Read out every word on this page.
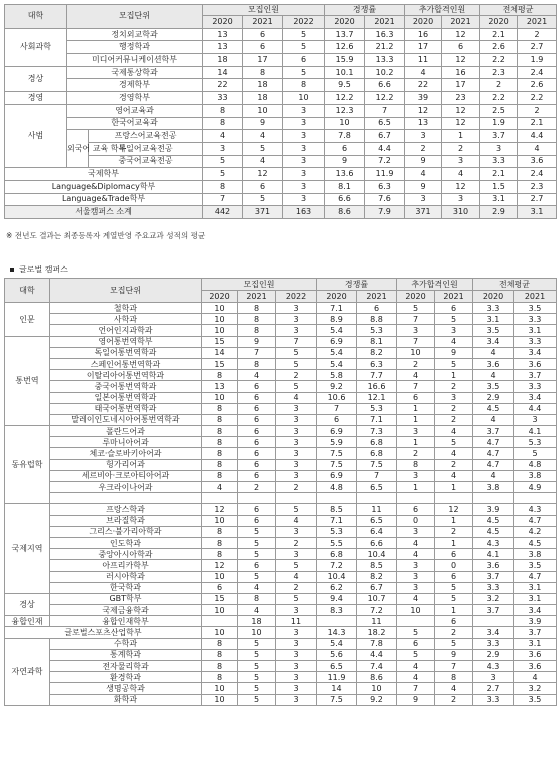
대학	모집단위		모집인원			경쟁률		추가합격인원		전체평균	
			2020	2021	2022	2020	2021	2020	2021	2020	2021
사회과학	정치외교학과		13	6	5	13.7	16.3	16	12	2.1	2
	행정학과		13	6	5	12.6	21.2	17	6	2.6	2.7
	미디어커뮤니케이션학부		18	17	6	15.9	13.3	11	12	2.2	1.9
경상	국제통상학과		14	8	5	10.1	10.2	4	16	2.3	2.4
	경제학부		22	18	8	9.5	6.6	22	17	2	2.6
경영	경영학부		33	18	10	12.2	12.2	39	23	2.2	2.2
사범	영어교육과		8	10	3	12.3	7	12	12	2.5	2
	한국어교육과		8	9	3	10	6.5	13	12	1.9	2.1
	외국어 교육 학부	프랑스어교육전공	4	4	3	7.8	6.7	3	1	3.7	4.4
		독일어교육전공	3	5	3	6	4.4	2	2	3	4
		중국어교육전공	5	4	3	9	7.2	9	3	3.3	3.6
국제학부			5	12	3	13.6	11.9	4	4	2.1	2.4
Language&Diplomacy학부			8	6	3	8.1	6.3	9	12	1.5	2.3
Language&Trade학부			7	5	3	6.6	7.6	3	3	3.1	2.7
서울캠퍼스 소계			442	371	163	8.6	7.9	371	310	2.9	3.1
※ 전년도 결과는 최종등록자 계열반영 주요교과 성적의 평균
글로벌 캠퍼스
대학	모집단위	모집인원			경쟁률		추가합격인원		전체평균	
		2020	2021	2022	2020	2021	2020	2021	2020	2021
인문	철학과	10	8	3	7.1	6	5	6	3.3	3.5
	사학과	10	8	3	8.9	8.8	7	5	3.1	3.3
	언어인지과학과	10	8	3	5.4	5.3	3	3	3.5	3.1
통번역	영어통번역학부	15	9	7	6.9	8.1	7	4	3.4	3.3
	독일어통번역학과	14	7	5	5.4	8.2	10	9	4	3.4
	스페인어통번역학과	15	8	5	5.4	6.3	2	5	3.6	3.6
	이탈리아어통번역학과	8	4	2	5.8	7.7	4	1	4	3.7
	중국어통번역학과	13	6	5	9.2	16.6	7	2	3.5	3.3
	일본어통번역학과	10	6	4	10.6	12.1	6	3	2.9	3.4
	태국어통번역학과	8	6	3	7	5.3	1	2	4.5	4.4
	말레이인도네시아어통번역학과	8	6	3	6	7.1	1	2	4	3
동유럽학	폴란드어과	8	6	3	6.9	7.3	3	4	3.7	4.1
	루마니아어과	8	6	3	5.9	6.8	1	5	4.7	5.3
	체코·슬로바키아어과	8	6	3	7.5	6.8	2	4	4.7	5
	헝가리어과	8	6	3	7.5	7.5	8	2	4.7	4.8
	세르비아·크로아티아어과	8	6	3	6.9	7	3	4	4	3.8
	우크라이나어과	4	2	2	4.8	6.5	1	1	3.8	4.9

국제지역	프랑스학과	12	6	5	8.5	11	6	12	3.9	4.3
	브라질학과	10	6	4	7.1	6.5	0	1	4.5	4.7
	그리스·불가리아학과	8	5	3	5.3	6.4	3	2	4.5	4.2
	인도학과	8	5	2	5.5	6.6	4	1	4.3	4.5
	중앙아시아학과	8	5	3	6.8	10.4	4	6	4.1	3.8
	아프리카학부	12	6	5	7.2	8.5	3	0	3.6	3.5
	러시아학과	10	5	4	10.4	8.2	3	6	3.7	4.7
	한국학과	6	4	2	6.2	6.7	3	5	3.3	3.1
경상	GBT학부	15	8	5	9.4	10.7	4	5	3.2	3.1
	국제금융학과	10	4	3	8.3	7.2	10	1	3.7	3.4
융합인재	융합인재학부		18	11		11		6		3.9
글로벌스포츠산업학부		10	10	3	14.3	18.2	5	2	3.4	3.7
자연과학	수학과	8	5	3	5.4	7.8	6	5	3.3	3.1
	통계학과	8	5	3	5.6	4.4	5	9	2.9	3.6
	전자물리학과	8	5	3	6.5	7.4	4	7	4.3	3.6
	환경학과	8	5	3	11.9	8.6	4	8	3	4
	생명공학과	10	5	3	14	10	7	4	2.7	3.2
	화학과	10	5	3	7.5	9.2	9	2	3.3	3.5
